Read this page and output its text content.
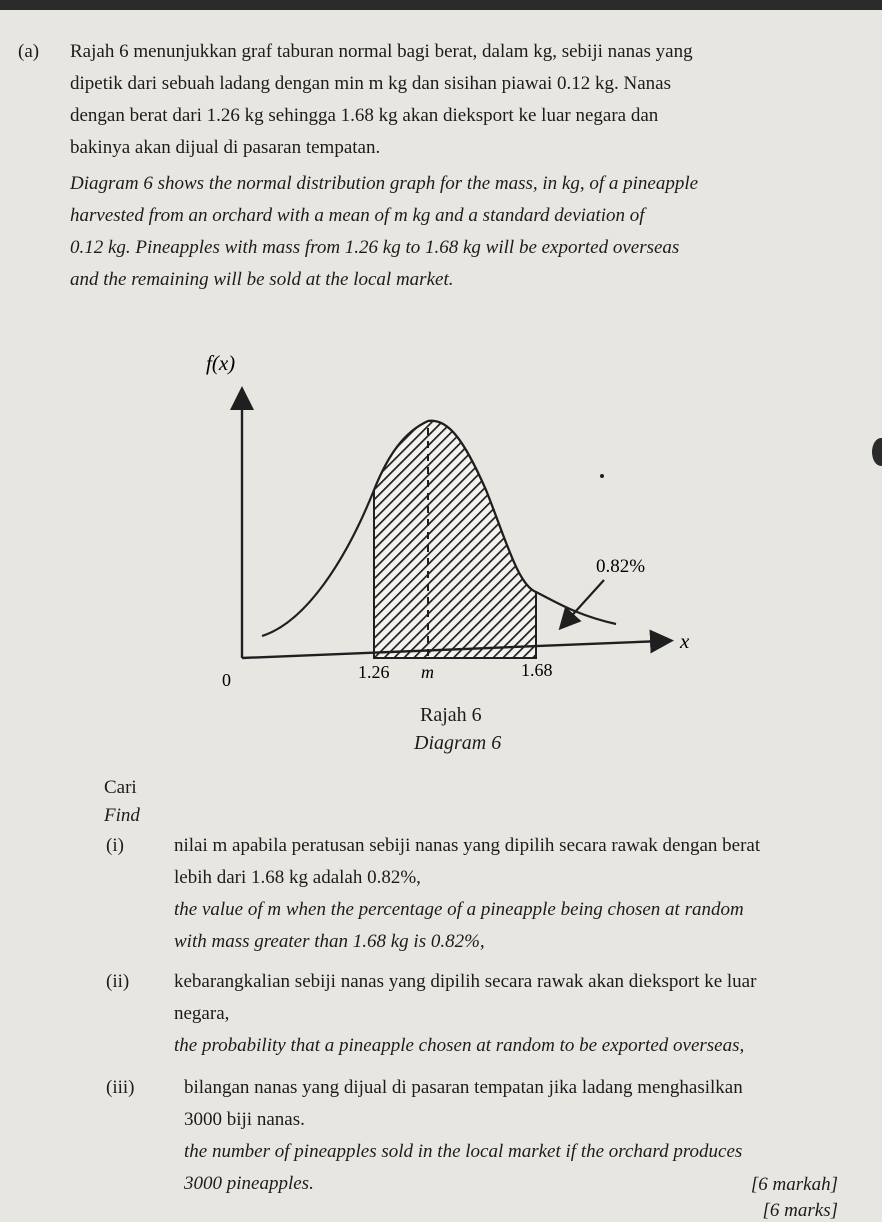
(a) Rajah 6 menunjukkan graf taburan normal bagi berat, dalam kg, sebiji nanas yang
dipetik dari sebuah ladang dengan min m kg dan sisihan piawai 0.12 kg. Nanas
dengan berat dari 1.26 kg sehingga 1.68 kg akan dieksport ke luar negara dan
bakinya akan dijual di pasaran tempatan.
Diagram 6 shows the normal distribution graph for the mass, in kg, of a pineapple
harvested from an orchard with a mean of m kg and a standard deviation of
0.12 kg. Pineapples with mass from 1.26 kg to 1.68 kg will be exported overseas
and the remaining will be sold at the local market.
f(x)
x
0	1.26 m	1.68
0.82%
Rajah 6
Diagram 6
Cari
Find
(i)	nilai m apabila peratusan sebiji nanas yang dipilih secara rawak dengan berat
lebih dari 1.68 kg adalah 0.82%,
the value of m when the percentage of a pineapple being chosen at random
with mass greater than 1.68 kg is 0.82%,
(ii) kebarangkalian sebiji nanas yang dipilih secara rawak akan dieksport ke luar
negara,
the probability that a pineapple chosen at random to be exported overseas,
(iii)	bilangan nanas yang dijual di pasaran tempatan jika ladang menghasilkan
3000 biji nanas.
the number of pineapples sold in the local market if the orchard produces
3000 pineapples.	[6 markah]
[6 marks]
